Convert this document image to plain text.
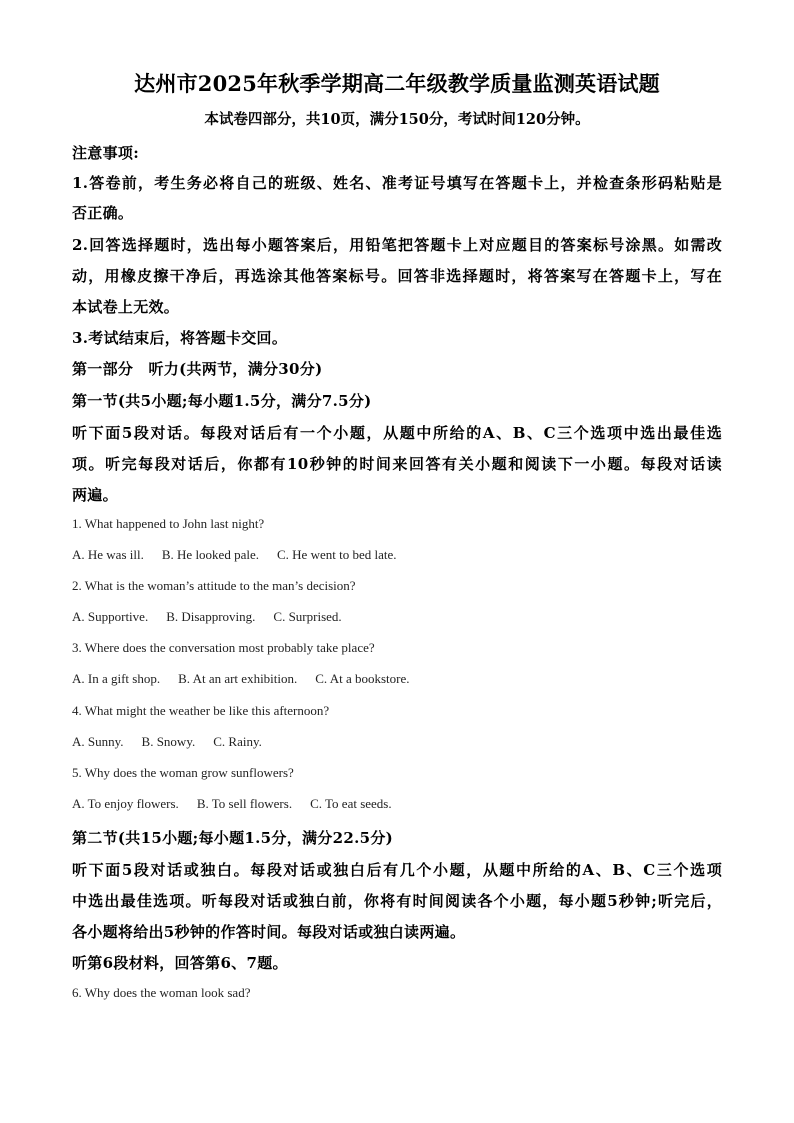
达州市2025年秋季学期高二年级教学质量监测英语试题
本试卷四部分，共10页，满分150分，考试时间120分钟。
注意事项:
1.答卷前，考生务必将自己的班级、姓名、准考证号填写在答题卡上，并检查条形码粘贴是
否正确。
2.回答选择题时，选出每小题答案后，用铅笔把答题卡上对应题目的答案标号涂黑。如需改
动，用橡皮擦干净后，再选涂其他答案标号。回答非选择题时，将答案写在答题卡上，写在
本试卷上无效。
3.考试结束后，将答题卡交回。
第一部分　听力(共两节，满分30分)
第一节(共5小题;每小题1.5分，满分7.5分)
听下面5段对话。每段对话后有一个小题，从题中所给的A、B、C三个选项中选出最佳选
项。听完每段对话后，你都有10秒钟的时间来回答有关小题和阅读下一小题。每段对话读
两遍。
1. What happened to John last night?
A. He was ill. B. He looked pale. C. He went to bed late.
2. What is the woman’s attitude to the man’s decision?
A. Supportive. B. Disapproving. C. Surprised.
3. Where does the conversation most probably take place?
A. In a gift shop. B. At an art exhibition. C. At a bookstore.
4. What might the weather be like this afternoon?
A. Sunny. B. Snowy. C. Rainy.
5. Why does the woman grow sunflowers?
A. To enjoy flowers. B. To sell flowers. C. To eat seeds.
第二节(共15小题;每小题1.5分，满分22.5分)
听下面5段对话或独白。每段对话或独白后有几个小题，从题中所给的A、B、C三个选项
中选出最佳选项。听每段对话或独白前，你将有时间阅读各个小题，每小题5秒钟;听完后，
各小题将给出5秒钟的作答时间。每段对话或独白读两遍。
听第6段材料，回答第6、7题。
6. Why does the woman look sad?
